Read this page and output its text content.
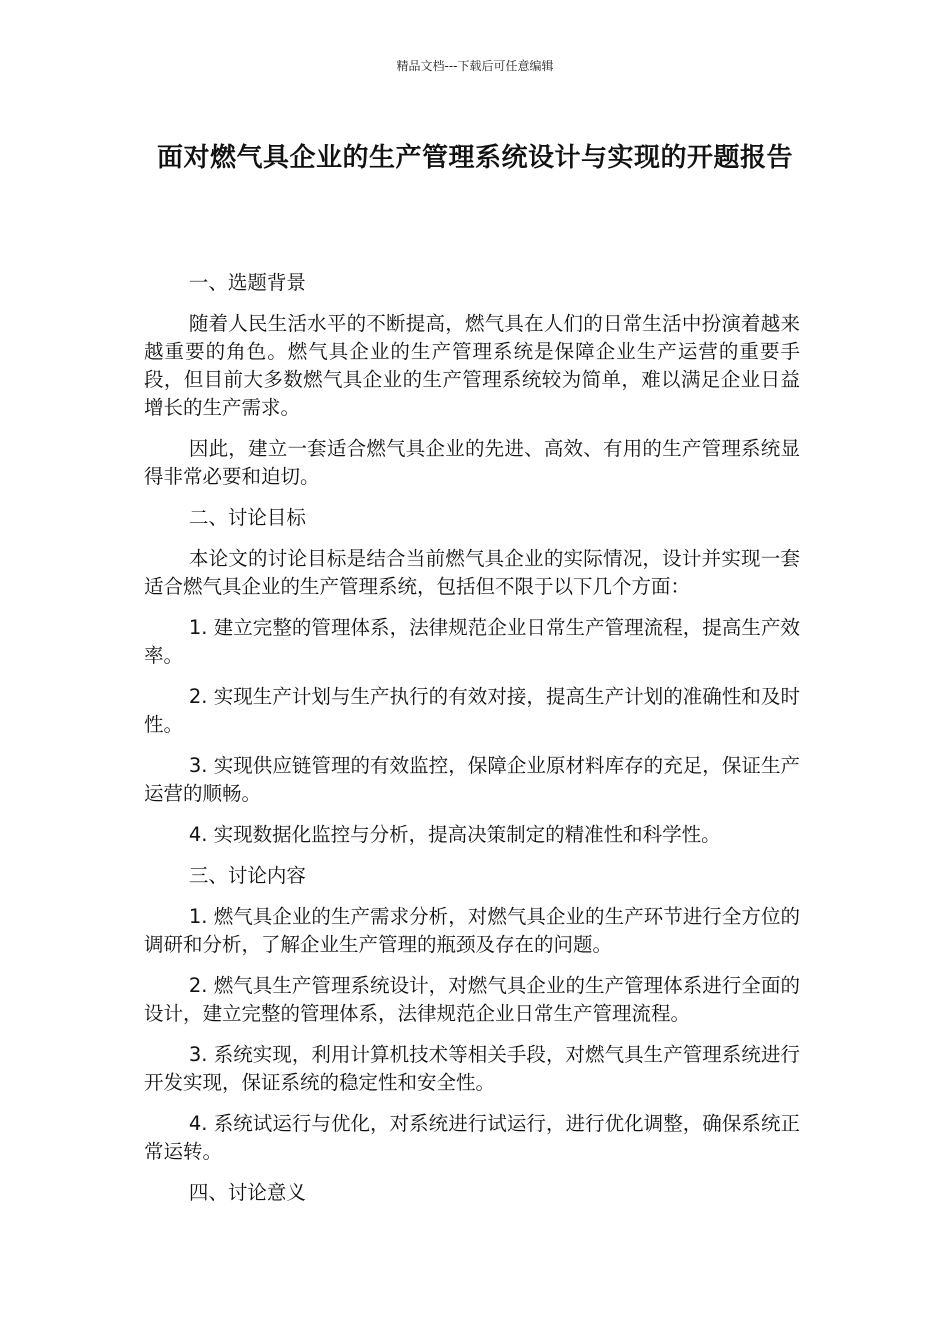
精品文档---下载后可任意编辑
面对燃气具企业的生产管理系统设计与实现的开题报告

一、选题背景

随着人民生活水平的不断提高，燃气具在人们的日常生活中扮演着越来越重要的角色。燃气具企业的生产管理系统是保障企业生产运营的重要手段，但目前大多数燃气具企业的生产管理系统较为简单，难以满足企业日益增长的生产需求。

因此，建立一套适合燃气具企业的先进、高效、有用的生产管理系统显得非常必要和迫切。

二、讨论目标

本论文的讨论目标是结合当前燃气具企业的实际情况，设计并实现一套适合燃气具企业的生产管理系统，包括但不限于以下几个方面：

1. 建立完整的管理体系，法律规范企业日常生产管理流程，提高生产效率。

2. 实现生产计划与生产执行的有效对接，提高生产计划的准确性和及时性。

3. 实现供应链管理的有效监控，保障企业原材料库存的充足，保证生产运营的顺畅。

4. 实现数据化监控与分析，提高决策制定的精准性和科学性。

三、讨论内容

1. 燃气具企业的生产需求分析，对燃气具企业的生产环节进行全方位的调研和分析，了解企业生产管理的瓶颈及存在的问题。

2. 燃气具生产管理系统设计，对燃气具企业的生产管理体系进行全面的设计，建立完整的管理体系，法律规范企业日常生产管理流程。

3. 系统实现，利用计算机技术等相关手段，对燃气具生产管理系统进行开发实现，保证系统的稳定性和安全性。

4. 系统试运行与优化，对系统进行试运行，进行优化调整，确保系统正常运转。

四、讨论意义
